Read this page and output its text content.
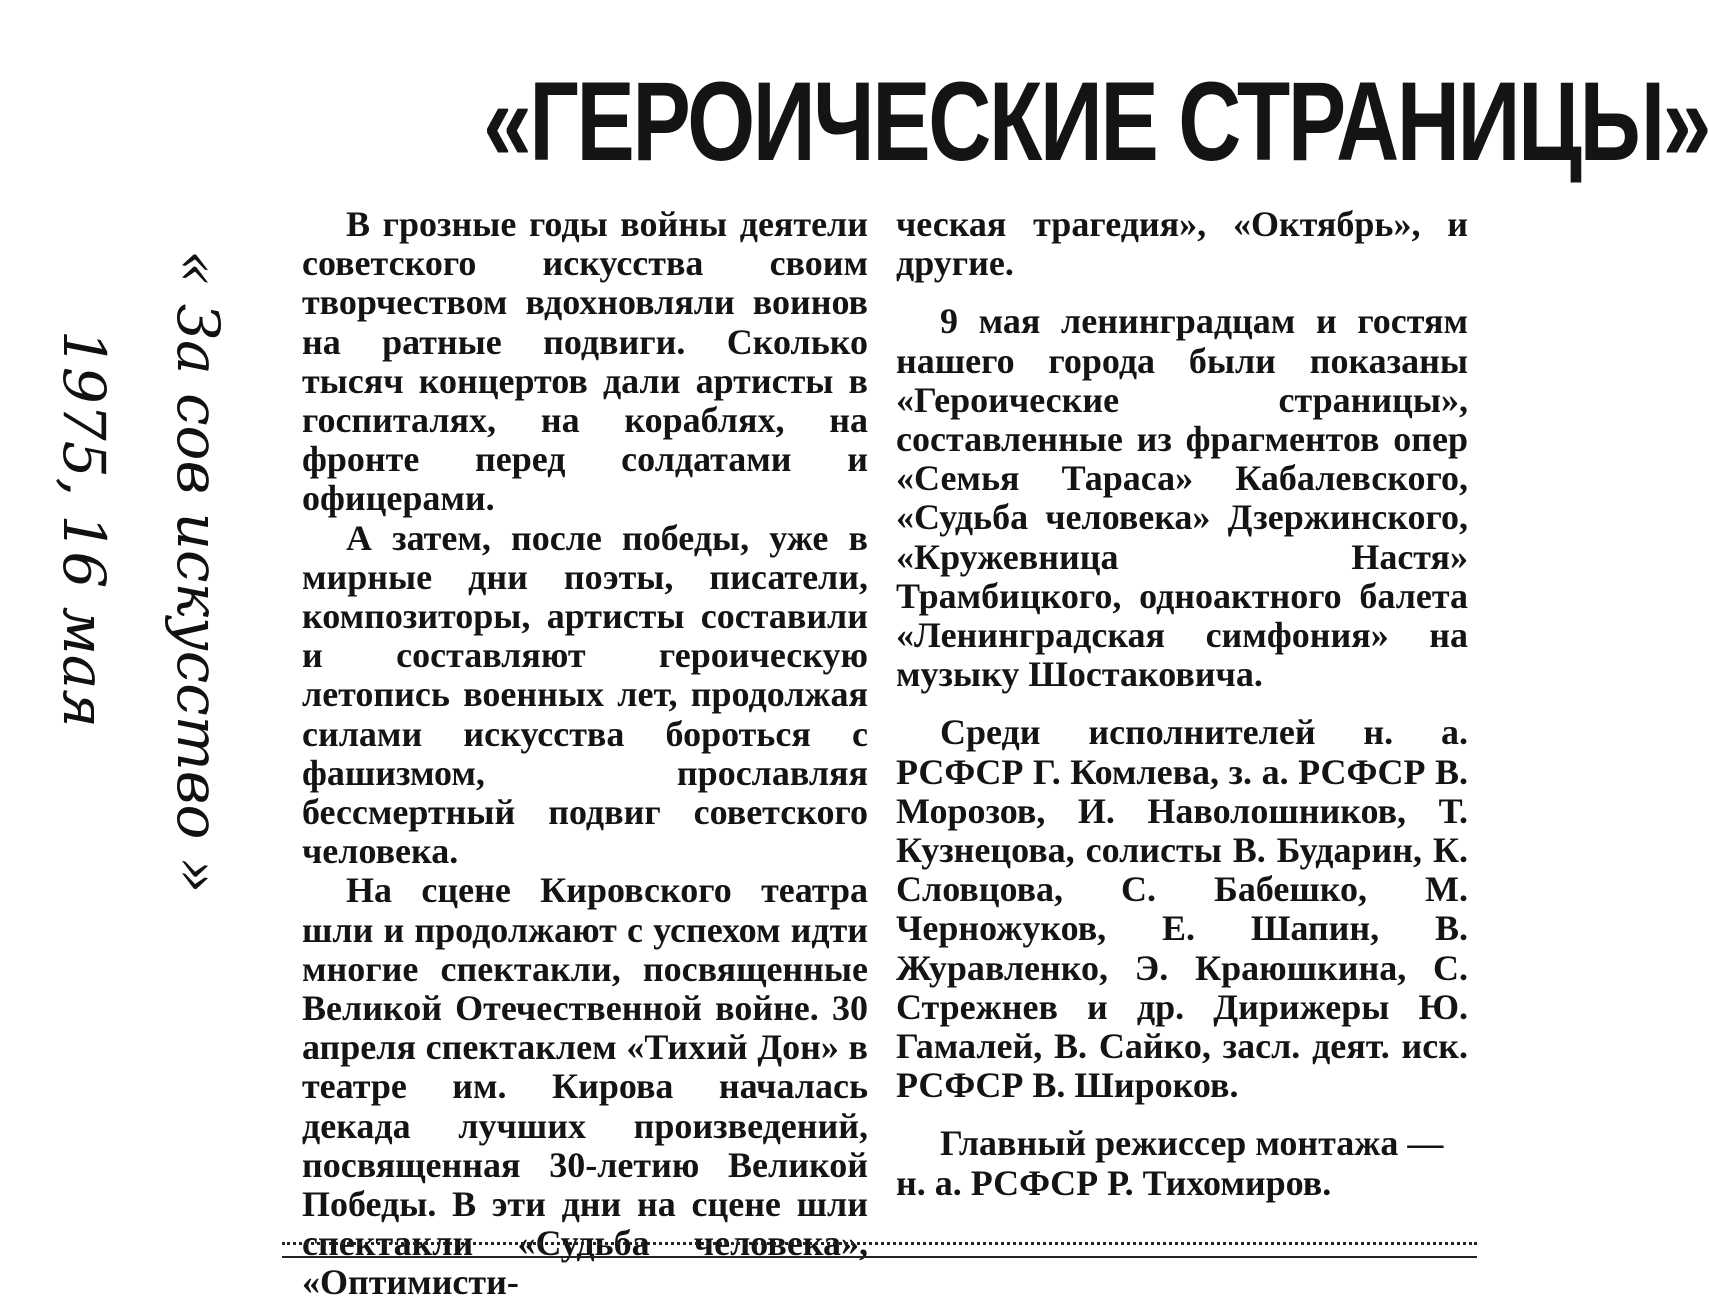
«ГЕРОИЧЕСКИЕ СТРАНИЦЫ»

В грозные годы войны деятели советского искусства своим творчеством вдохновляли воинов на ратные подвиги. Сколько тысяч концертов дали артисты в госпиталях, на кораблях, на фронте перед солдатами и офицерами.

А затем, после победы, уже в мирные дни поэты, писатели, композиторы, артисты составили и составляют героическую летопись военных лет, продолжая силами искусства бороться с фашизмом, прославляя бессмертный подвиг советского человека.

На сцене Кировского театра шли и продолжают с успехом идти многие спектакли, посвященные Великой Отечественной войне. 30 апреля спектаклем «Тихий Дон» в театре им. Кирова началась декада лучших произведений, посвященная 30-летию Великой Победы. В эти дни на сцене шли спектакли «Судьба человека», «Оптимисти-

ческая трагедия», «Октябрь», и другие.

9 мая ленинградцам и гостям нашего города были показаны «Героические страницы», составленные из фрагментов опер «Семья Тараса» Кабалевского, «Судьба человека» Дзержинского, «Кружевница Настя» Трамбицкого, одноактного балета «Ленинградская симфония» на музыку Шостаковича.

Среди исполнителей н. а. РСФСР Г. Комлева, з. а. РСФСР В. Морозов, И. Наволошников, Т. Кузнецова, солисты В. Бударин, К. Словцова, С. Бабешко, М. Черножуков, Е. Шапин, В. Журавленко, Э. Краюшкина, С. Стрежнев и др. Дирижеры Ю. Гамалей, В. Сайко, засл. деят. иск. РСФСР В. Широков.

Главный режиссер монтажа — н. а. РСФСР Р. Тихомиров.

« За сов искусство »
1975, 16 мая
